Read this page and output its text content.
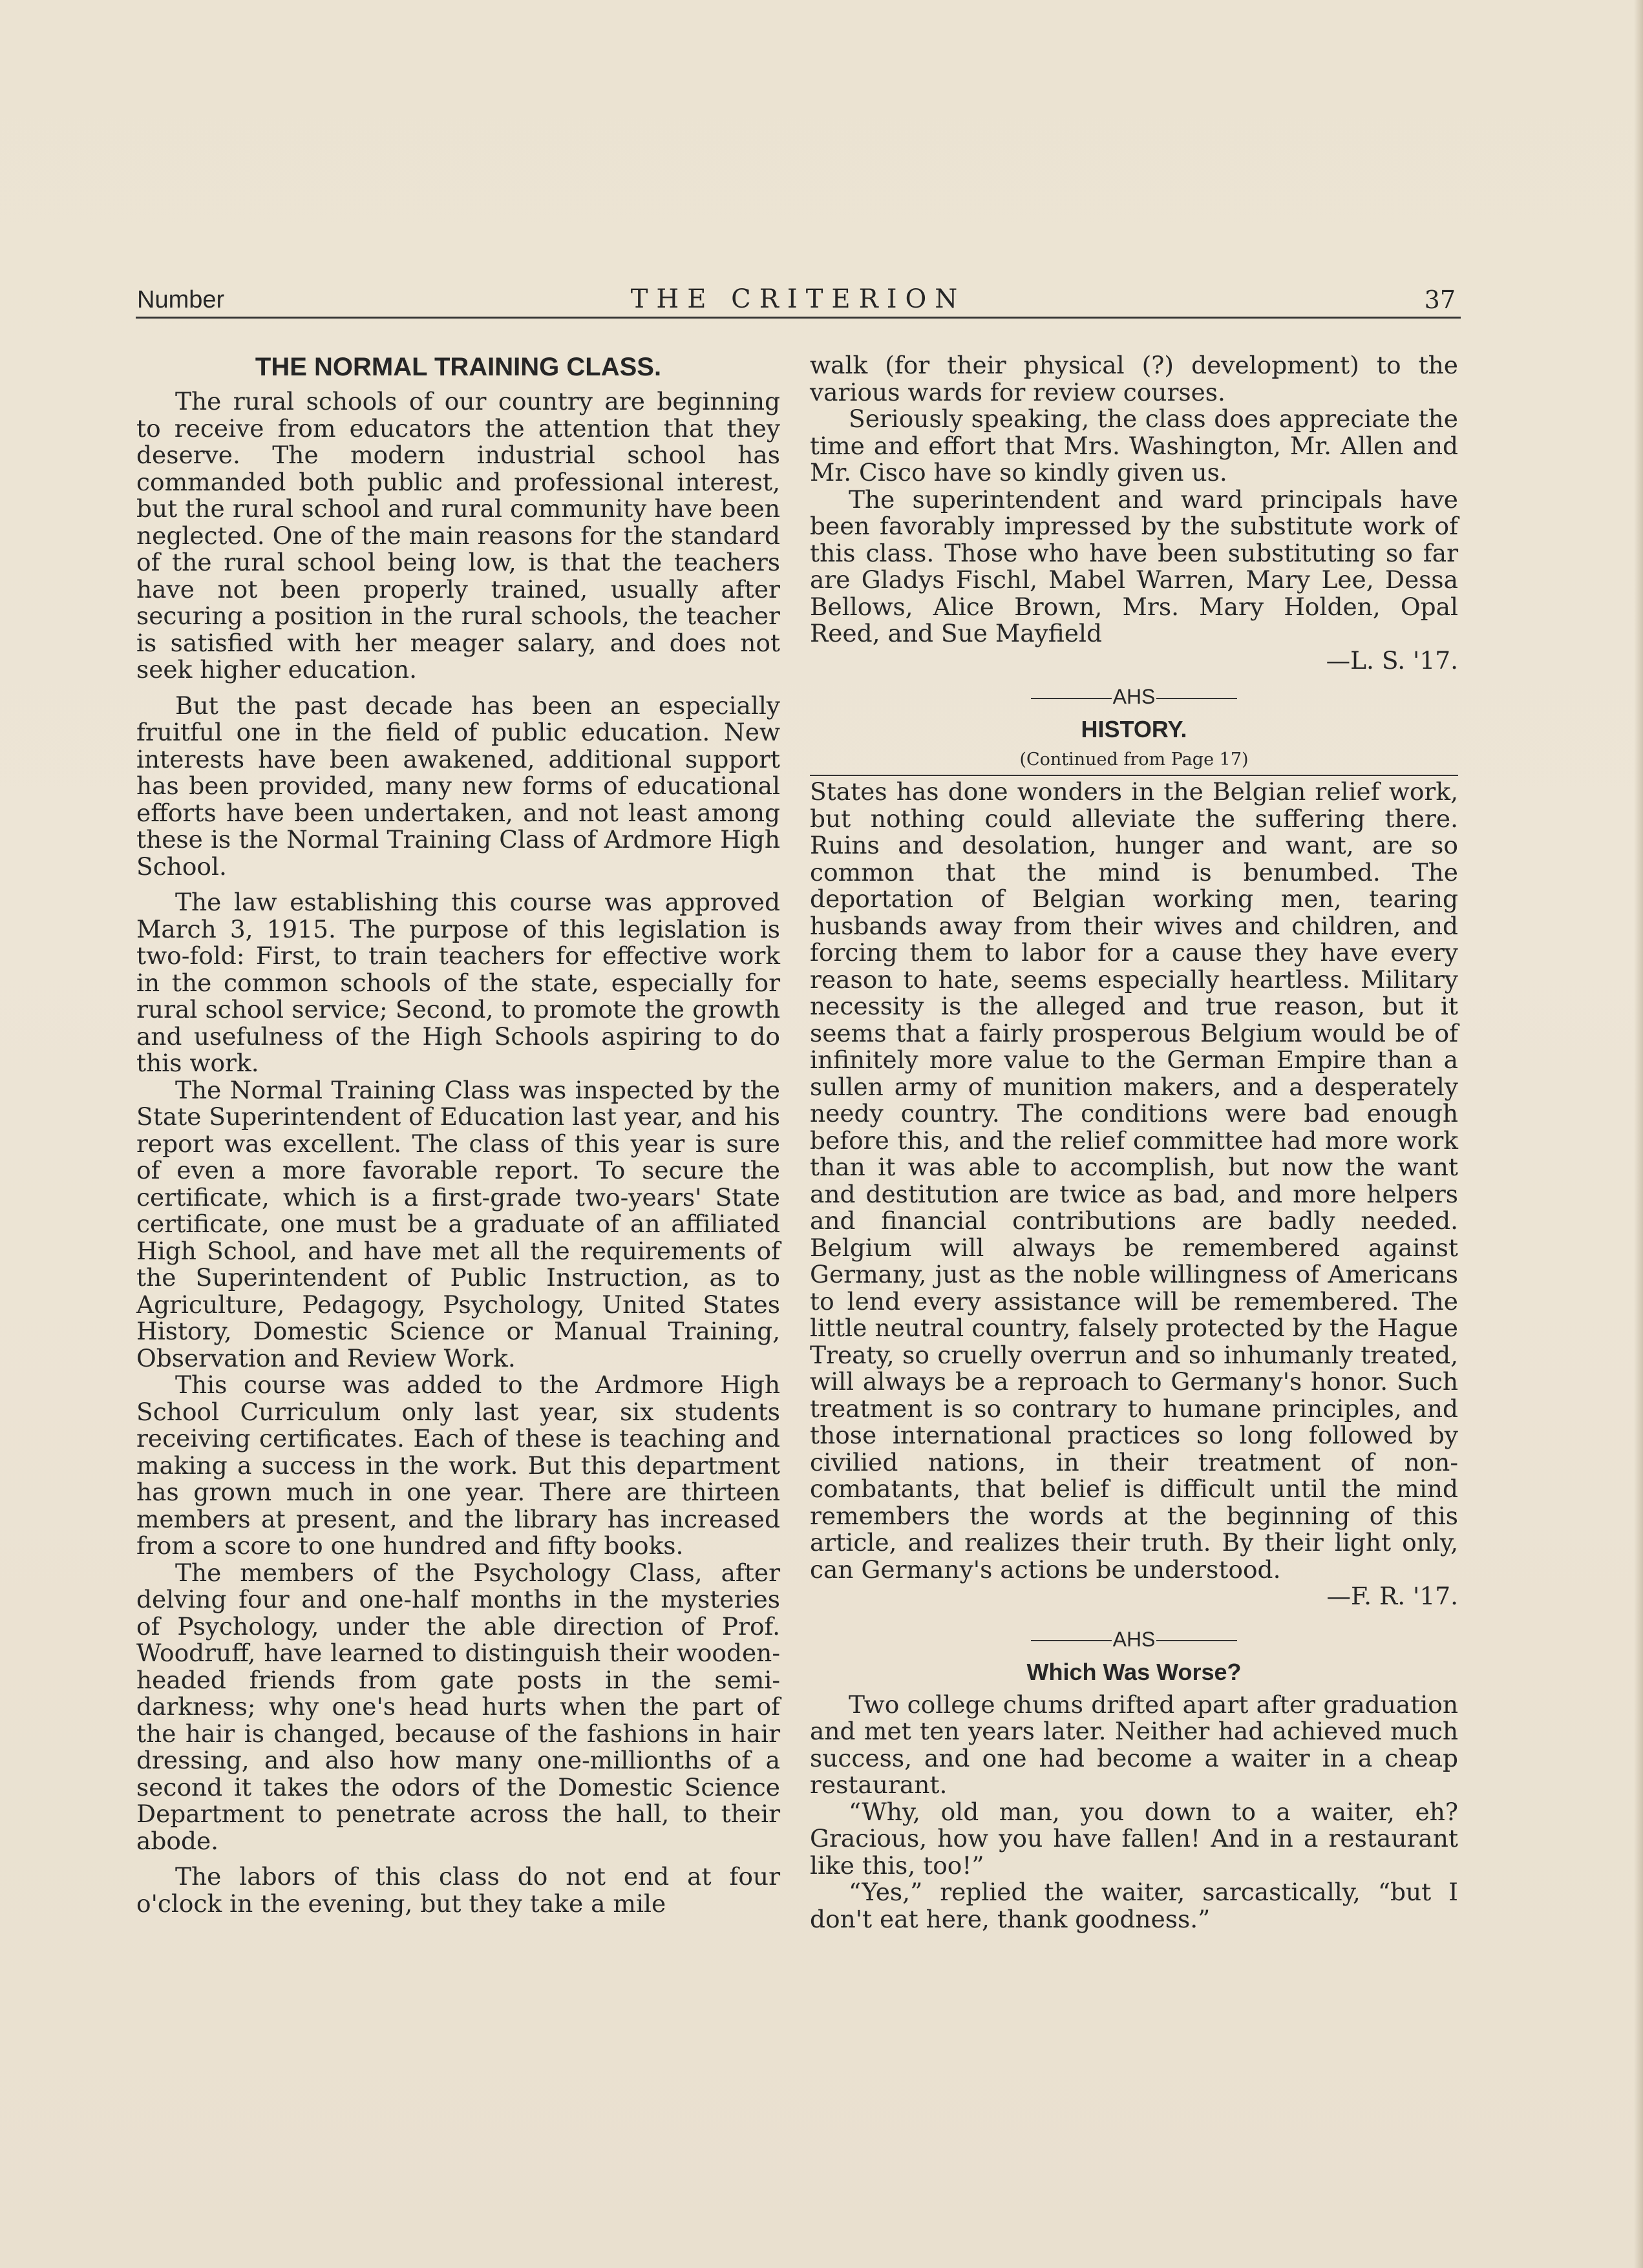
Number	THE CRITERION	37
THE NORMAL TRAINING CLASS.

The rural schools of our country are beginning to receive from educators the attention that they deserve. The modern industrial school has commanded both public and professional interest, but the rural school and rural community have been neglected. One of the main reasons for the standard of the rural school being low, is that the teachers have not been properly trained, usually after securing a position in the rural schools, the teacher is satisfied with her meager salary, and does not seek higher education.

But the past decade has been an especially fruitful one in the field of public education. New interests have been awakened, additional support has been provided, many new forms of educational efforts have been undertaken, and not least among these is the Normal Training Class of Ardmore High School.

The law establishing this course was approved March 3, 1915. The purpose of this legislation is two-fold: First, to train teachers for effective work in the common schools of the state, especially for rural school service; Second, to promote the growth and usefulness of the High Schools aspiring to do this work.

The Normal Training Class was inspected by the State Superintendent of Education last year, and his report was excellent. The class of this year is sure of even a more favorable report. To secure the certificate, which is a first-grade two-years' State certificate, one must be a graduate of an affiliated High School, and have met all the requirements of the Superintendent of Public Instruction, as to Agriculture, Pedagogy, Psychology, United States History, Domestic Science or Manual Training, Observation and Review Work.

This course was added to the Ardmore High School Curriculum only last year, six students receiving certificates. Each of these is teaching and making a success in the work. But this department has grown much in one year. There are thirteen members at present, and the library has increased from a score to one hundred and fifty books.

The members of the Psychology Class, after delving four and one-half months in the mysteries of Psychology, under the able direction of Prof. Woodruff, have learned to distinguish their wooden-headed friends from gate posts in the semi-darkness; why one's head hurts when the part of the hair is changed, because of the fashions in hair dressing, and also how many one-millionths of a second it takes the odors of the Domestic Science Department to penetrate across the hall, to their abode.

The labors of this class do not end at four o'clock in the evening, but they take a mile

walk (for their physical (?) development) to the various wards for review courses.

Seriously speaking, the class does appreciate the time and effort that Mrs. Washington, Mr. Allen and Mr. Cisco have so kindly given us.

The superintendent and ward principals have been favorably impressed by the substitute work of this class. Those who have been substituting so far are Gladys Fischl, Mabel Warren, Mary Lee, Dessa Bellows, Alice Brown, Mrs. Mary Holden, Opal Reed, and Sue Mayfield

—L. S. '17.

AHS
HISTORY.
(Continued from Page 17)

States has done wonders in the Belgian relief work, but nothing could alleviate the suffering there. Ruins and desolation, hunger and want, are so common that the mind is benumbed. The deportation of Belgian working men, tearing husbands away from their wives and children, and forcing them to labor for a cause they have every reason to hate, seems especially heartless. Military necessity is the alleged and true reason, but it seems that a fairly prosperous Belgium would be of infinitely more value to the German Empire than a sullen army of munition makers, and a desperately needy country. The conditions were bad enough before this, and the relief committee had more work than it was able to accomplish, but now the want and destitution are twice as bad, and more helpers and financial contributions are badly needed. Belgium will always be remembered against Germany, just as the noble willingness of Americans to lend every assistance will be remembered. The little neutral country, falsely protected by the Hague Treaty, so cruelly overrun and so inhumanly treated, will always be a reproach to Germany's honor. Such treatment is so contrary to humane principles, and those international practices so long followed by civilied nations, in their treatment of non-combatants, that belief is difficult until the mind remembers the words at the beginning of this article, and realizes their truth. By their light only, can Germany's actions be understood.

—F. R. '17.

AHS
Which Was Worse?

Two college chums drifted apart after graduation and met ten years later. Neither had achieved much success, and one had become a waiter in a cheap restaurant.

“Why, old man, you down to a waiter, eh? Gracious, how you have fallen! And in a restaurant like this, too!”

“Yes,” replied the waiter, sarcastically, “but I don't eat here, thank goodness.”
